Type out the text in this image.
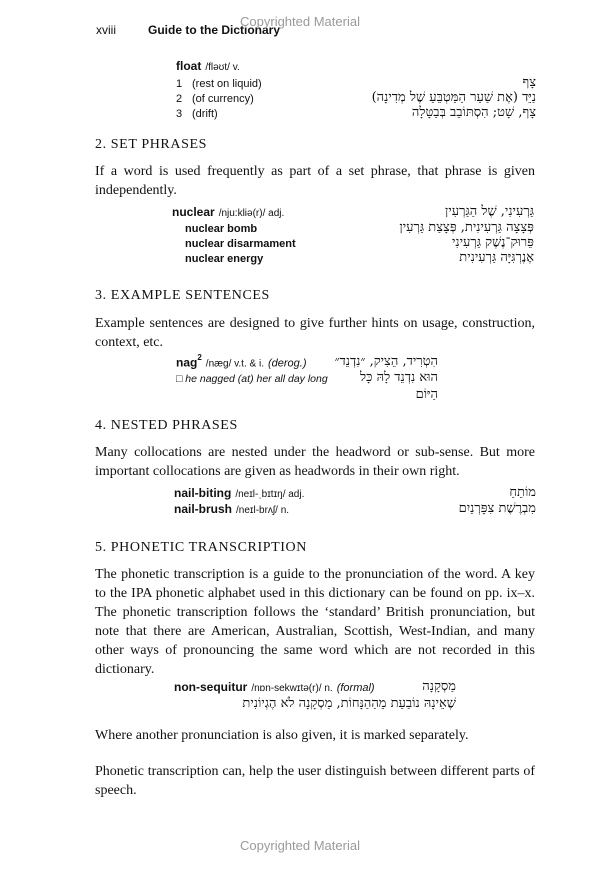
xviii	Guide to the Dictionary
Copyrighted Material
float /fləʊt/ v.
1 (rest on liquid)	צָף
2 (of currency)	נַיֵּד (אֶת שַׁעַר הַמַּטְבֵּעַ שֶׁל מְדִינָה)
3 (drift)	צָף, שָׁט; הִסְתּוֹבֵב בְּבַטָּלָה
2. SET PHRASES
If a word is used frequently as part of a set phrase, that phrase is given independently.
nuclear /nju:kliə(r)/ adj.	גַּרְעִינִי, שֶׁל הַגַּרְעִין
nuclear bomb	פְּצָצָה גַּרְעִינִית, פְּצָצַת גַּרְעִין
nuclear disarmament	פֵּרוּק־נֶשֶׁק גַּרְעִינִי
nuclear energy	אֶנֶרְגִּיָּה גַּרְעִינִית
3. EXAMPLE SENTENCES
Example sentences are designed to give further hints on usage, construction, context, etc.
nag$^2$ /næg/ v.t. & i. (derog.) הִטְרִיד, הֵצִיק, ״נִדְנֵד״
□ he nagged (at) her all day long	הוּא נִדְנֵד לָהּ כָּל הַיּוֹם
4. NESTED PHRASES
Many collocations are nested under the headword or sub-sense. But more important collocations are given as headwords in their own right.
nail-biting /neɪl-ˌbɪtɪŋ/ adj.	מוֹתֵחַ
nail-brush /neɪl-brʌʃ/ n.	מִבְרֶשֶׁת צִפָּרְנַיִם
5. PHONETIC TRANSCRIPTION
The phonetic transcription is a guide to the pronunciation of the word. A key to the IPA phonetic alphabet used in this dictionary can be found on pp. ix–x. The phonetic transcription follows the ‘standard’ British pronunciation, but note that there are American, Australian, Scottish, West-Indian, and many other ways of pronouncing the same word which are not recorded in this dictionary.
non-sequitur /nɒn-sekwɪtə(r)/ n. (formal)	מַסְקָנָה
שֶׁאֵינָהּ נוֹבַעַת מֵהַהַנָּחוֹת, מַסְקָנָה לֹא הֶגְיוֹנִית
Where another pronunciation is also given, it is marked separately.
Phonetic transcription can, help the user distinguish between different parts of speech.
Copyrighted Material
